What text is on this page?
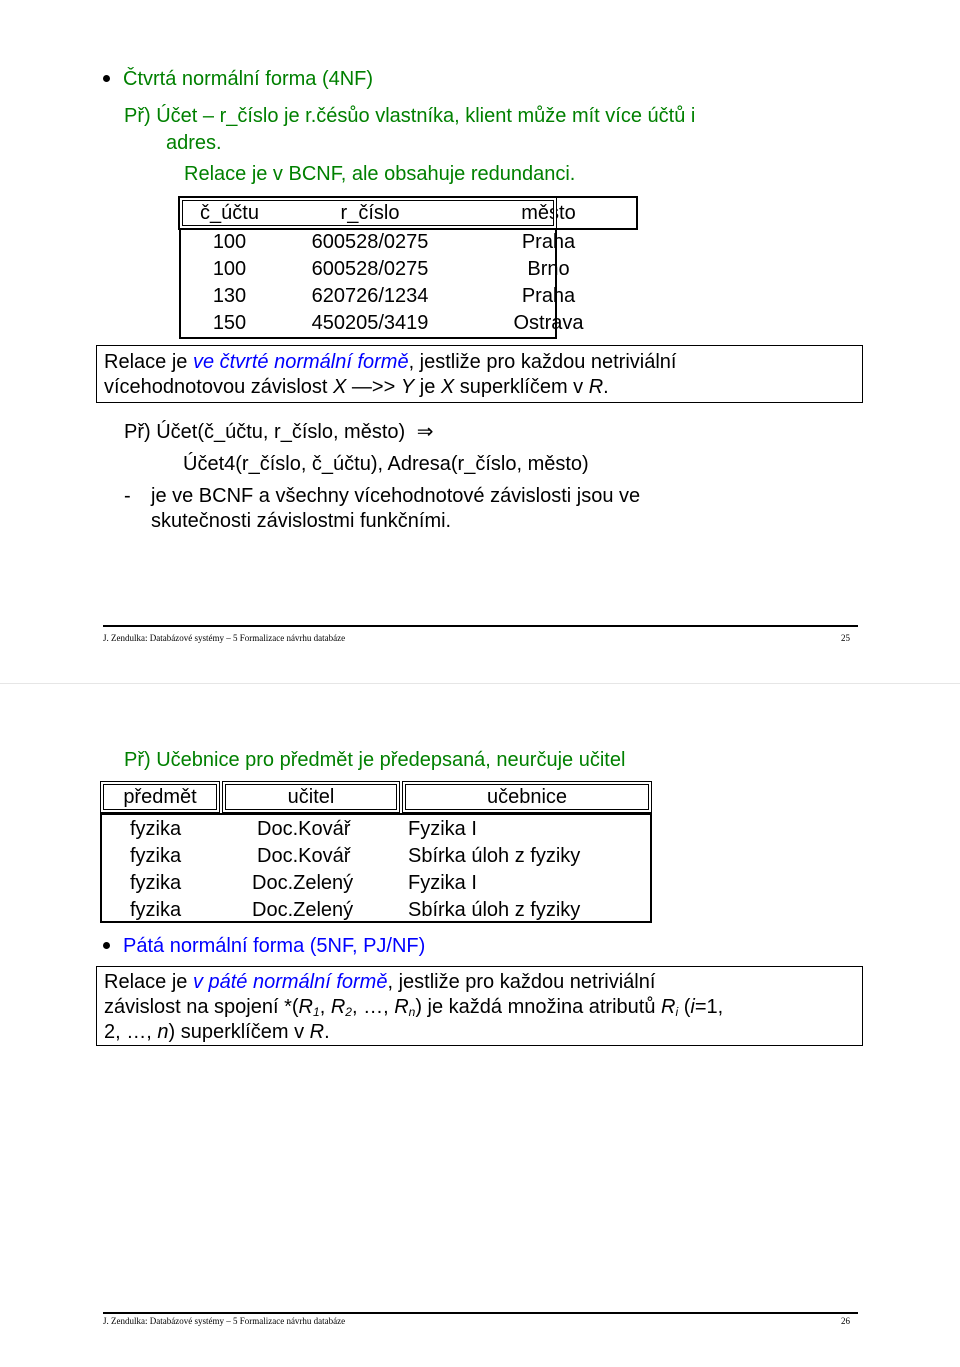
Čtvrtá normální forma (4NF)
Př) Účet – r_číslo je r.čésůo vlastníka, klient může mít více účtů i
adres.
Relace je v BCNF, ale obsahuje redundanci.
č_účtu	r_číslo	město
100	600528/0275	Praha
100	600528/0275	Brno
130	620726/1234	Praha
150	450205/3419	Ostrava
Relace je ve čtvrté normální formě, jestliže pro každou netriviální
vícehodnotovou závislost X —>> Y je X superklíčem v R.
Př) Účet(č_účtu, r_číslo, město) ⇒
Účet4(r_číslo, č_účtu), Adresa(r_číslo, město)
- je ve BCNF a všechny vícehodnotové závislosti jsou ve
skutečnosti závislostmi funkčními.
J. Zendulka: Databázové systémy – 5 Formalizace návrhu databáze	25
Př) Učebnice pro předmět je předepsaná, neurčuje učitel
předmět	učitel	učebnice
fyzika	Doc.Kovář	Fyzika I
fyzika	Doc.Kovář	Sbírka úloh z fyziky
fyzika	Doc.Zelený	Fyzika I
fyzika	Doc.Zelený	Sbírka úloh z fyziky
Pátá normální forma (5NF, PJ/NF)
Relace je v páté normální formě, jestliže pro každou netriviální
závislost na spojení $*(R_1$, $R_2$, …, $R_n$) je každá množina atributů $R_i$ (i=1,
2, …, n) superklíčem v R.
J. Zendulka: Databázové systémy – 5 Formalizace návrhu databáze	26
